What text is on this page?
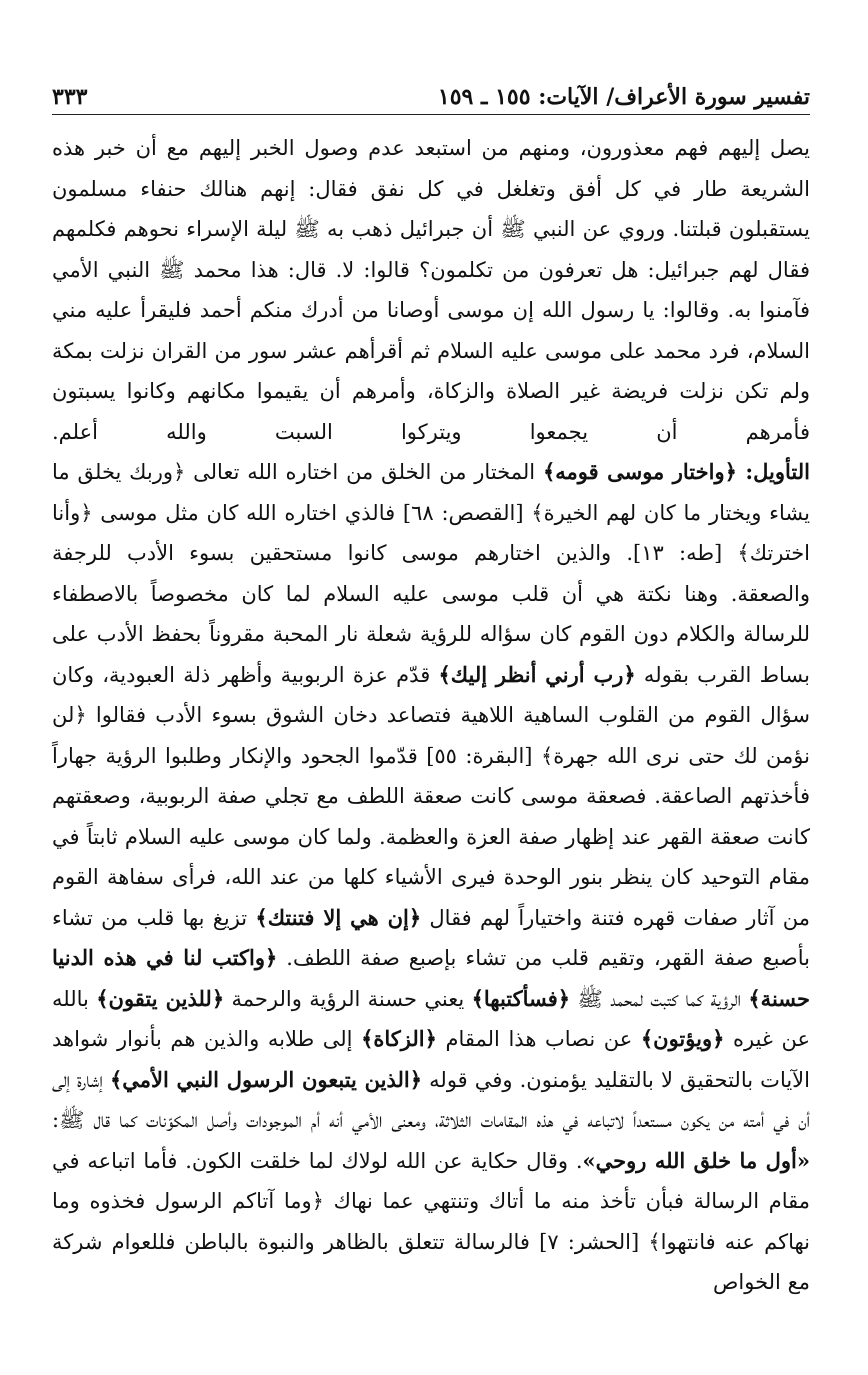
تفسير سورة الأعراف/ الآيات: ١٥٥ ـ ١٥٩
٣٣٣

يصل إليهم فهم معذورون، ومنهم من استبعد عدم وصول الخبر إليهم مع أن خبر هذه الشريعة طار في كل أفق وتغلغل في كل نفق فقال: إنهم هنالك حنفاء مسلمون يستقبلون قبلتنا. وروي عن النبي ﷺ أن جبرائيل ذهب به ﷺ ليلة الإسراء نحوهم فكلمهم فقال لهم جبرائيل: هل تعرفون من تكلمون؟ قالوا: لا. قال: هذا محمد ﷺ النبي الأمي فآمنوا به. وقالوا: يا رسول الله إن موسى أوصانا من أدرك منكم أحمد فليقرأ عليه مني السلام، فرد محمد على موسى عليه السلام ثم أقرأهم عشر سور من القران نزلت بمكة ولم تكن نزلت فريضة غير الصلاة والزكاة، وأمرهم أن يقيموا مكانهم وكانوا يسبتون فأمرهم أن يجمعوا ويتركوا السبت والله أعلم.

التأويل: ﴿واختار موسى قومه﴾ المختار من الخلق من اختاره الله تعالى ﴿وربك يخلق ما يشاء ويختار ما كان لهم الخيرة﴾ [القصص: ٦٨] فالذي اختاره الله كان مثل موسى ﴿وأنا اخترتك﴾ [طه: ١٣]. والذين اختارهم موسى كانوا مستحقين بسوء الأدب للرجفة والصعقة. وهنا نكتة هي أن قلب موسى عليه السلام لما كان مخصوصاً بالاصطفاء للرسالة والكلام دون القوم كان سؤاله للرؤية شعلة نار المحبة مقروناً بحفظ الأدب على بساط القرب بقوله ﴿رب أرني أنظر إليك﴾ قدّم عزة الربوبية وأظهر ذلة العبودية، وكان سؤال القوم من القلوب الساهية اللاهية فتصاعد دخان الشوق بسوء الأدب فقالوا ﴿لن نؤمن لك حتى نرى الله جهرة﴾ [البقرة: ٥٥] قدّموا الجحود والإنكار وطلبوا الرؤية جهاراً فأخذتهم الصاعقة. فصعقة موسى كانت صعقة اللطف مع تجلي صفة الربوبية، وصعقتهم كانت صعقة القهر عند إظهار صفة العزة والعظمة. ولما كان موسى عليه السلام ثابتاً في مقام التوحيد كان ينظر بنور الوحدة فيرى الأشياء كلها من عند الله، فرأى سفاهة القوم من آثار صفات قهره فتنة واختياراً لهم فقال ﴿إن هي إلا فتنتك﴾ تزيغ بها قلب من تشاء بأصبع صفة القهر، وتقيم قلب من تشاء بإصبع صفة اللطف. ﴿واكتب لنا في هذه الدنيا حسنة﴾ الرؤية كما كتبت لمحمد ﷺ ﴿فسأكتبها﴾ يعني حسنة الرؤية والرحمة ﴿للذين يتقون﴾ بالله عن غيره ﴿ويؤتون﴾ عن نصاب هذا المقام ﴿الزكاة﴾ إلى طلابه والذين هم بأنوار شواهد الآيات بالتحقيق لا بالتقليد يؤمنون. وفي قوله ﴿الذين يتبعون الرسول النبي الأمي﴾ إشارة إلى أن في أمته من يكون مستعداً لاتباعه في هذه المقامات الثلاثة، ومعنى الأمي أنه أم الموجودات وأصل المكوّنات كما قال ﷺ: «أول ما خلق الله روحي». وقال حكاية عن الله لولاك لما خلقت الكون. فأما اتباعه في مقام الرسالة فبأن تأخذ منه ما أتاك وتنتهي عما نهاك ﴿وما آتاكم الرسول فخذوه وما نهاكم عنه فانتهوا﴾ [الحشر: ٧] فالرسالة تتعلق بالظاهر والنبوة بالباطن فللعوام شركة مع الخواص
